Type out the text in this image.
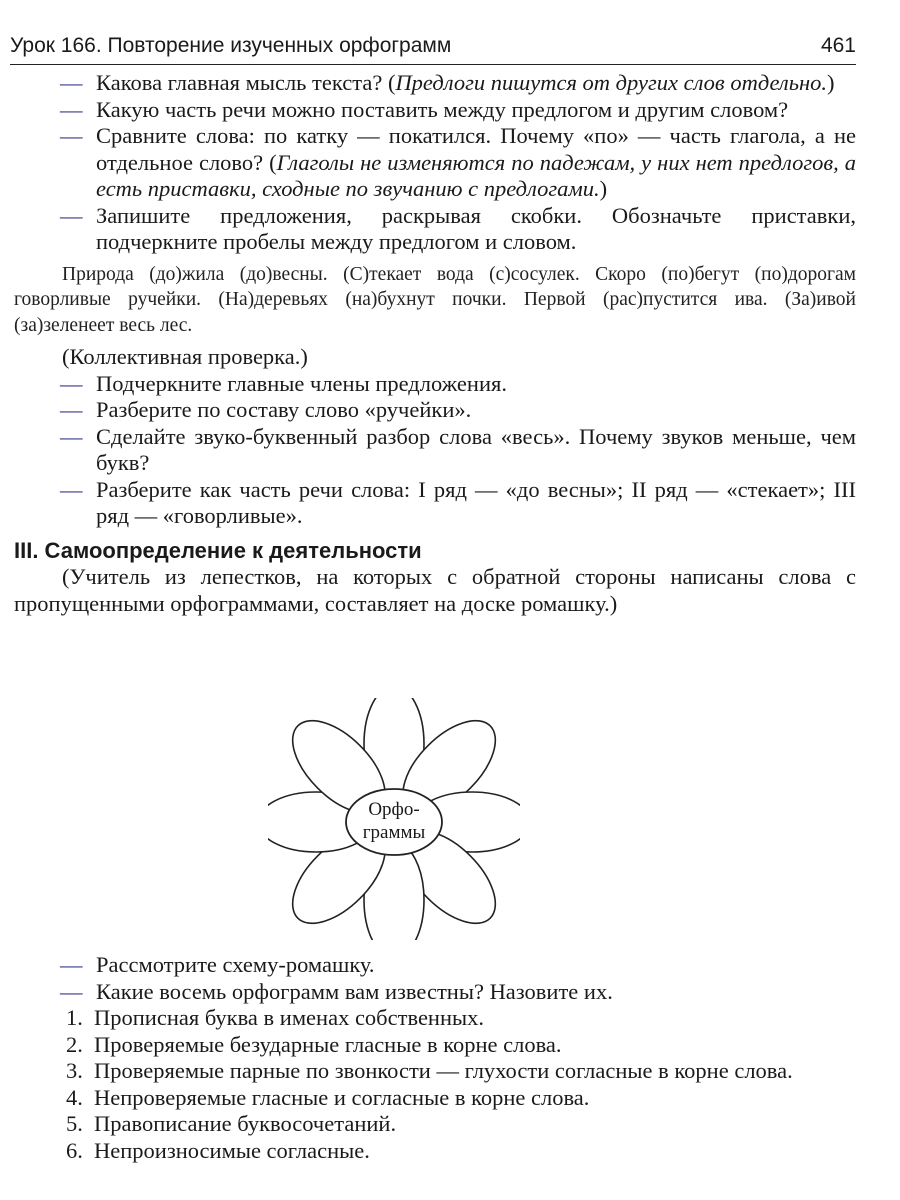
Урок 166. Повторение изученных орфограмм	461
— Какова главная мысль текста? (Предлоги пишутся от других слов отдельно.)
— Какую часть речи можно поставить между предлогом и другим словом?
— Сравните слова: по катку — покатился. Почему «по» — часть глагола, а не отдельное слово? (Глаголы не изменяются по падежам, у них нет предлогов, а есть приставки, сходные по звучанию с предлогами.)
— Запишите предложения, раскрывая скобки. Обозначьте приставки, подчеркните пробелы между предлогом и словом.
Природа (до)жила (до)весны. (С)текает вода (с)сосулек. Скоро (по)бегут (по)дорогам говорливые ручейки. (На)деревьях (на)бухнут почки. Первой (рас)пустится ива. (За)ивой (за)зеленеет весь лес.
(Коллективная проверка.)
— Подчеркните главные члены предложения.
— Разберите по составу слово «ручейки».
— Сделайте звуко-буквенный разбор слова «весь». Почему звуков меньше, чем букв?
— Разберите как часть речи слова: I ряд — «до весны»; II ряд — «стекает»; III ряд — «говорливые».
III. Самоопределение к деятельности
(Учитель из лепестков, на которых с обратной стороны написаны слова с пропущенными орфограммами, составляет на доске ромашку.)
Орфо-
граммы
— Рассмотрите схему-ромашку.
— Какие восемь орфограмм вам известны? Назовите их.
1. Прописная буква в именах собственных.
2. Проверяемые безударные гласные в корне слова.
3. Проверяемые парные по звонкости — глухости согласные в корне слова.
4. Непроверяемые гласные и согласные в корне слова.
5. Правописание буквосочетаний.
6. Непроизносимые согласные.
